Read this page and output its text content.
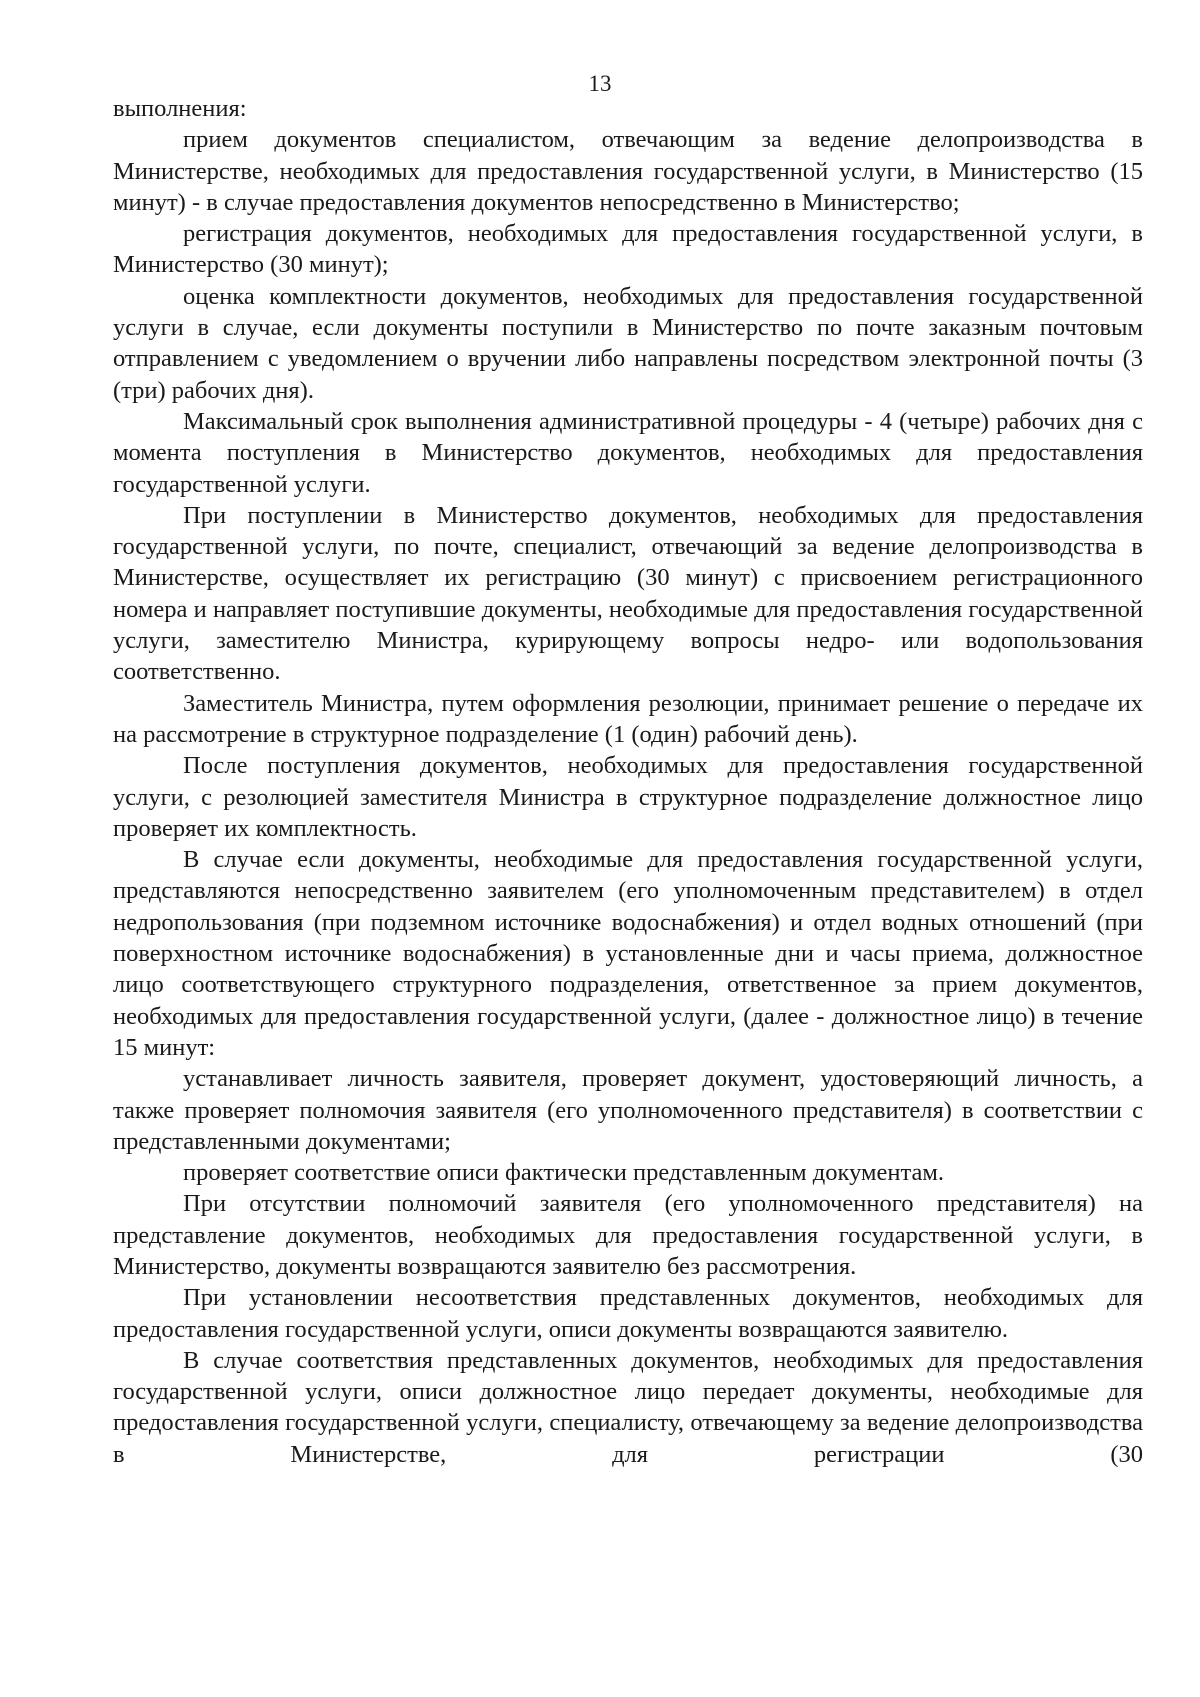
13

выполнения:

прием документов специалистом, отвечающим за ведение делопроизводства в Министерстве, необходимых для предоставления государственной услуги, в Министерство (15 минут) - в случае предоставления документов непосредственно в Министерство;

регистрация документов, необходимых для предоставления государственной услуги, в Министерство (30 минут);

оценка комплектности документов, необходимых для предоставления государственной услуги в случае, если документы поступили в Министерство по почте заказным почтовым отправлением с уведомлением о вручении либо направлены посредством электронной почты (3 (три) рабочих дня).

Максимальный срок выполнения административной процедуры - 4 (четыре) рабочих дня с момента поступления в Министерство документов, необходимых для предоставления государственной услуги.

При поступлении в Министерство документов, необходимых для предоставления государственной услуги, по почте, специалист, отвечающий за ведение делопроизводства в Министерстве, осуществляет их регистрацию (30 минут) с присвоением регистрационного номера и направляет поступившие документы, необходимые для предоставления государственной услуги, заместителю Министра, курирующему вопросы недро- или водопользования соответственно.

Заместитель Министра, путем оформления резолюции, принимает решение о передаче их на рассмотрение в структурное подразделение (1 (один) рабочий день).

После поступления документов, необходимых для предоставления государственной услуги, с резолюцией заместителя Министра в структурное подразделение должностное лицо проверяет их комплектность.

В случае если документы, необходимые для предоставления государственной услуги, представляются непосредственно заявителем (его уполномоченным представителем) в отдел недропользования (при подземном источнике водоснабжения) и отдел водных отношений (при поверхностном источнике водоснабжения) в установленные дни и часы приема, должностное лицо соответствующего структурного подразделения, ответственное за прием документов, необходимых для предоставления государственной услуги, (далее - должностное лицо) в течение 15 минут:

устанавливает личность заявителя, проверяет документ, удостоверяющий личность, а также проверяет полномочия заявителя (его уполномоченного представителя) в соответствии с представленными документами;

проверяет соответствие описи фактически представленным документам.

При отсутствии полномочий заявителя (его уполномоченного представителя) на представление документов, необходимых для предоставления государственной услуги, в Министерство, документы возвращаются заявителю без рассмотрения.

При установлении несоответствия представленных документов, необходимых для предоставления государственной услуги, описи документы возвращаются заявителю.

В случае соответствия представленных документов, необходимых для предоставления государственной услуги, описи должностное лицо передает документы, необходимые для предоставления государственной услуги, специалисту, отвечающему за ведение делопроизводства в Министерстве, для регистрации (30
